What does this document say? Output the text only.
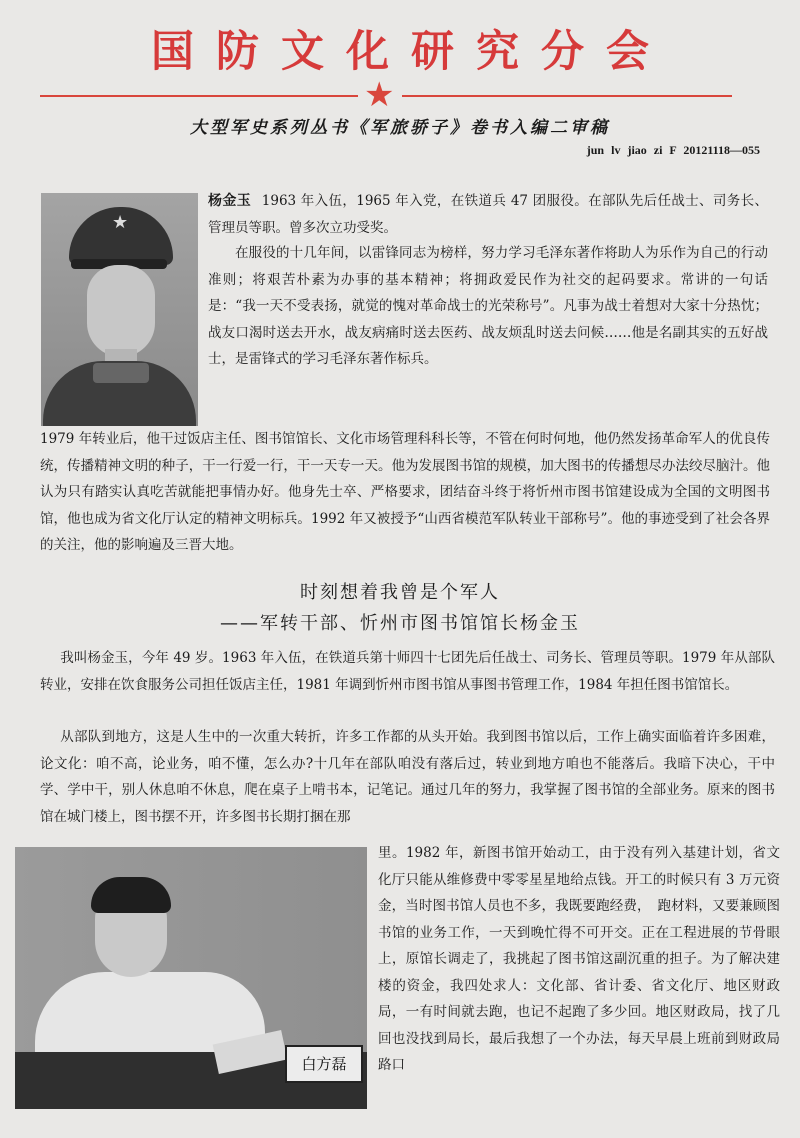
国防文化研究分会
★
大型军史系列丛书《军旅骄子》卷书入编二审稿
jun lv jiao zi F 20121118—055
★

杨金玉 1963 年入伍，1965 年入党，在铁道兵 47 团服役。在部队先后任战士、司务长、管理员等职。曾多次立功受奖。

在服役的十几年间，以雷锋同志为榜样，努力学习毛泽东著作将助人为乐作为自己的行动准则；将艰苦朴素为办事的基本精神；将拥政爱民作为社交的起码要求。常讲的一句话是：“我一天不受表扬，就觉的愧对革命战士的光荣称号”。凡事为战士着想对大家十分热忱；战友口渴时送去开水，战友病痛时送去医药、战友烦乱时送去问候……他是名副其实的五好战士，是雷锋式的学习毛泽东著作标兵。

1979 年转业后，他干过饭店主任、图书馆馆长、文化市场管理科科长等，不管在何时何地，他仍然发扬革命军人的优良传统，传播精神文明的种子，干一行爱一行，干一天专一天。他为发展图书馆的规模，加大图书的传播想尽办法绞尽脑汁。他认为只有踏实认真吃苦就能把事情办好。他身先士卒、严格要求，团结奋斗终于将忻州市图书馆建设成为全国的文明图书馆，他也成为省文化厅认定的精神文明标兵。1992 年又被授予“山西省模范军队转业干部称号”。他的事迹受到了社会各界的关注，他的影响遍及三晋大地。

时刻想着我曾是个军人
——军转干部、忻州市图书馆馆长杨金玉

我叫杨金玉，今年 49 岁。1963 年入伍，在铁道兵第十师四十七团先后任战士、司务长、管理员等职。1979 年从部队转业，安排在饮食服务公司担任饭店主任，1981 年调到忻州市图书馆从事图书管理工作，1984 年担任图书馆馆长。

从部队到地方，这是人生中的一次重大转折，许多工作都的从头开始。我到图书馆以后，工作上确实面临着许多困难，论文化：咱不高，论业务，咱不懂，怎么办?十几年在部队咱没有落后过，转业到地方咱也不能落后。我暗下决心，干中学、学中干，别人休息咱不休息，爬在桌子上啃书本，记笔记。通过几年的努力，我掌握了图书馆的全部业务。原来的图书馆在城门楼上，图书摆不开，许多图书长期打捆在那

白方磊

里。1982 年，新图书馆开始动工，由于没有列入基建计划，省文化厅只能从维修费中零零星星地给点钱。开工的时候只有 3 万元资金，当时图书馆人员也不多，我既要跑经费，　跑材料，又要兼顾图书馆的业务工作，一天到晚忙得不可开交。正在工程进展的节骨眼上，原馆长调走了，我挑起了图书馆这副沉重的担子。为了解决建楼的资金，我四处求人：文化部、省计委、省文化厅、地区财政局，一有时间就去跑，也记不起跑了多少回。地区财政局，找了几回也没找到局长，最后我想了一个办法，每天早晨上班前到财政局路口
